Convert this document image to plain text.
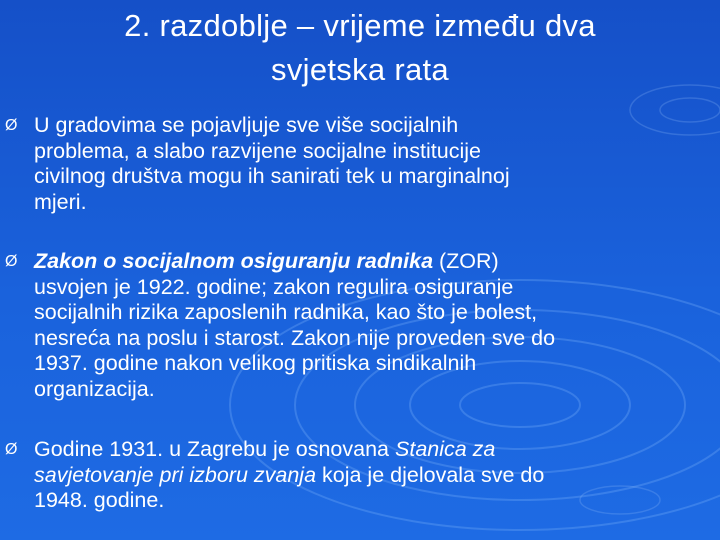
2. razdoblje – vrijeme između dva
svjetska rata
Ø U gradovima se pojavljuje sve više socijalnih
problema, a slabo razvijene socijalne institucije
civilnog društva mogu ih sanirati tek u marginalnoj
mjeri.
Ø Zakon o socijalnom osiguranju radnika (ZOR)
usvojen je 1922. godine; zakon regulira osiguranje
socijalnih rizika zaposlenih radnika, kao što je bolest,
nesreća na poslu i starost. Zakon nije proveden sve do
1937. godine nakon velikog pritiska sindikalnih
organizacija.
Ø Godine 1931. u Zagrebu je osnovana Stanica za
savjetovanje pri izboru zvanja koja je djelovala sve do
1948. godine.
